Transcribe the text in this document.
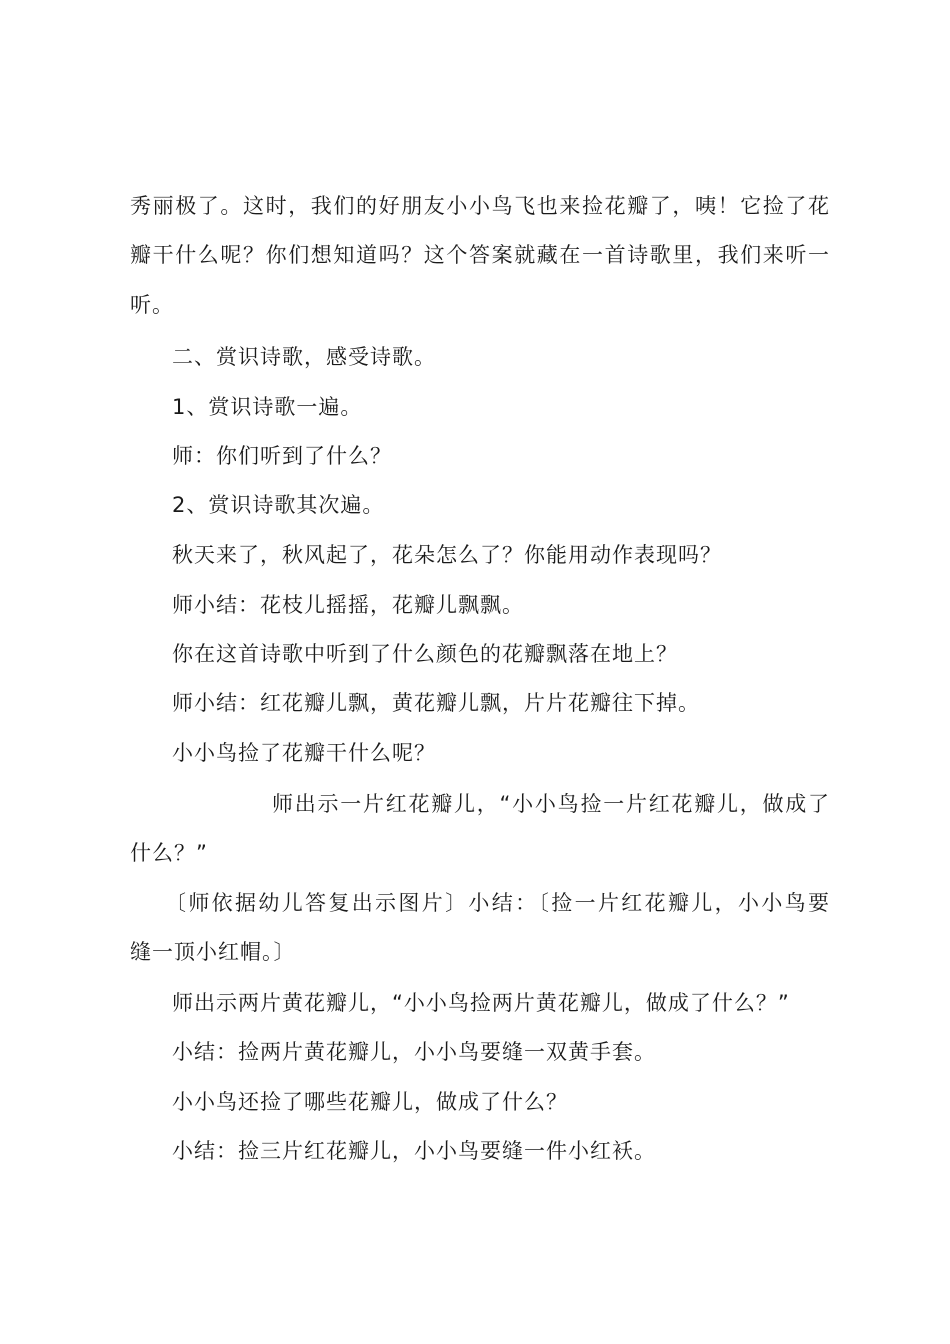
秀丽极了。这时，我们的好朋友小小鸟飞也来捡花瓣了，咦！它捡了花
瓣干什么呢？你们想知道吗？这个答案就藏在一首诗歌里，我们来听一
听。
二、赏识诗歌，感受诗歌。
1、赏识诗歌一遍。
师：你们听到了什么？
2、赏识诗歌其次遍。
秋天来了，秋风起了，花朵怎么了？你能用动作表现吗？
师小结：花枝儿摇摇，花瓣儿飘飘。
你在这首诗歌中听到了什么颜色的花瓣飘落在地上？
师小结：红花瓣儿飘，黄花瓣儿飘，片片花瓣往下掉。
小小鸟捡了花瓣干什么呢？
师出示一片红花瓣儿，“小小鸟捡一片红花瓣儿，做成了
什么？”
〔师依据幼儿答复出示图片〕小结：〔捡一片红花瓣儿，小小鸟要
缝一顶小红帽。〕
师出示两片黄花瓣儿，“小小鸟捡两片黄花瓣儿，做成了什么？”
小结：捡两片黄花瓣儿，小小鸟要缝一双黄手套。
小小鸟还捡了哪些花瓣儿，做成了什么？
小结：捡三片红花瓣儿，小小鸟要缝一件小红袄。
